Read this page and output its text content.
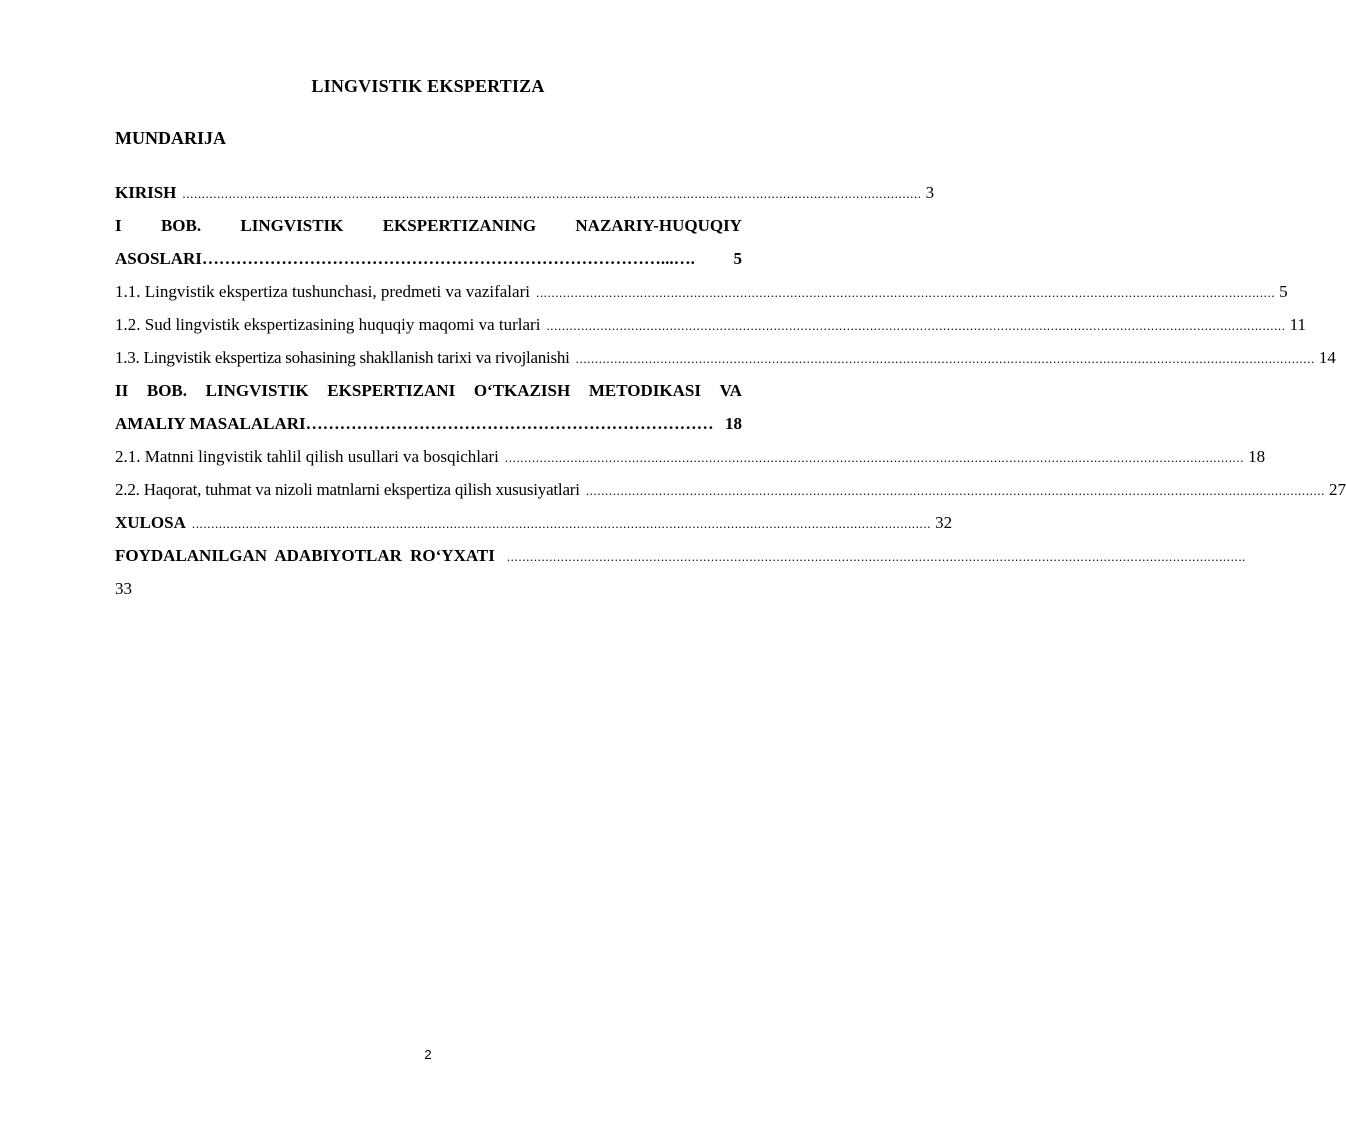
LINGVISTIK EKSPERTIZA
MUNDARIJA
KIRISH ................................................................................................................................................................................................ 3
I BOB. LINGVISTIK EKSPERTIZANING NAZARIY-HUQUQIY
ASOSLARI ………………………………………………………………………...….	5
1.1. Lingvistik ekspertiza tushunchasi, predmeti va vazifalari ................................................................................................................................................................................................ 5
1.2. Sud lingvistik ekspertizasining huquqiy maqomi va turlari ................................................................................................................................................................................................ 11
1.3. Lingvistik ekspertiza sohasining shakllanish tarixi va rivojlanishi ................................................................................................................................................................................................ 14
II BOB. LINGVISTIK EKSPERTIZANI O‘TKAZISH METODIKASI VA
AMALIY MASALALARI ……………………………………………………………… 18
2.1. Matnni lingvistik tahlil qilish usullari va bosqichlari ................................................................................................................................................................................................ 18
2.2. Haqorat, tuhmat va nizoli matnlarni ekspertiza qilish xususiyatlari ................................................................................................................................................................................................ 27
XULOSA ................................................................................................................................................................................................ 32
FOYDALANILGAN ADABIYOTLAR RO‘YXATI ................................................................................................................................................................................................
33
2
